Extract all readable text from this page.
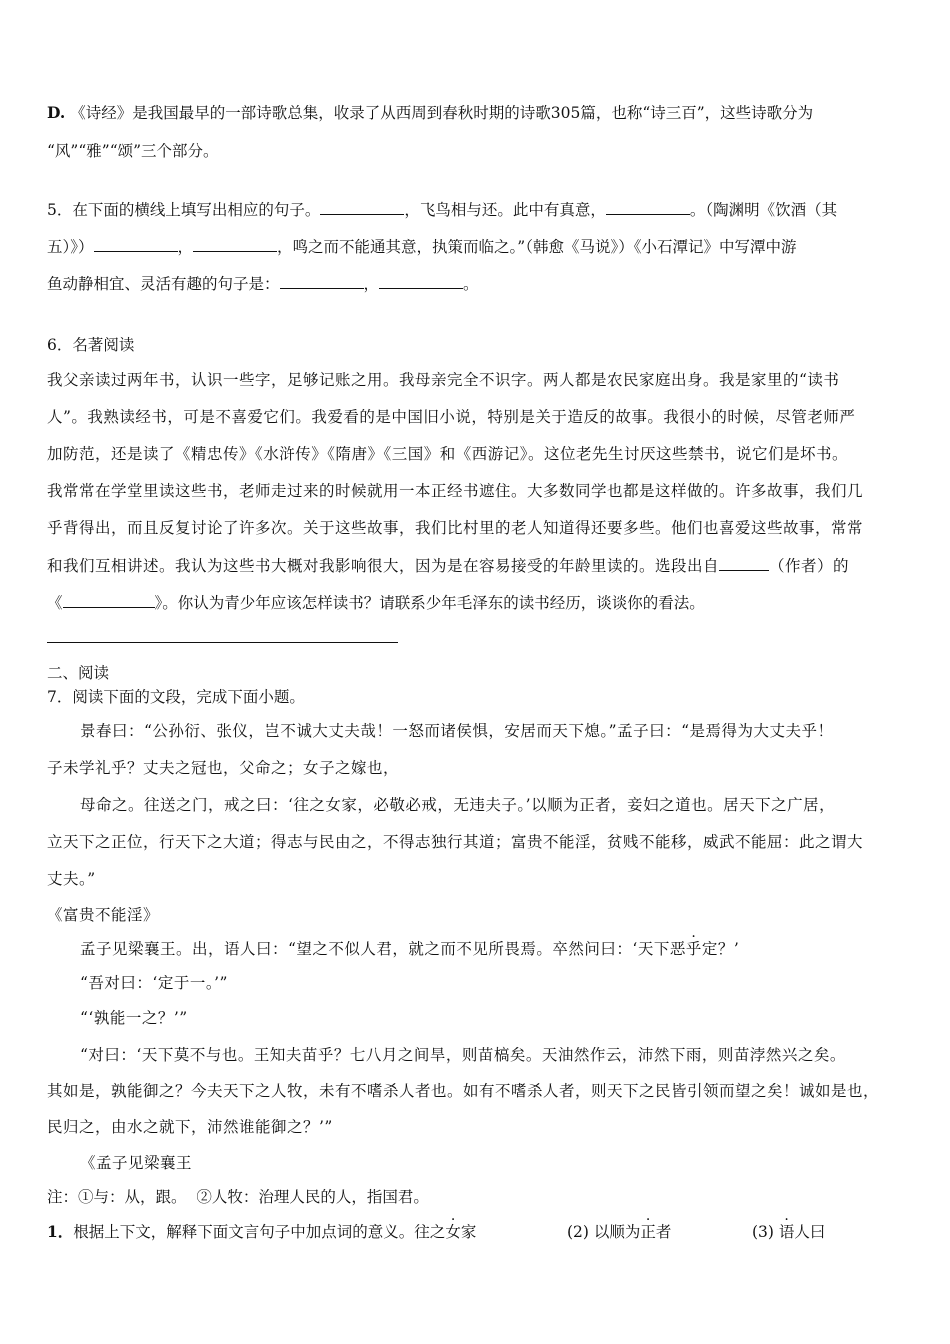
D. 《诗经》是我国最早的一部诗歌总集，收录了从西周到春秋时期的诗歌305篇，也称“诗三百”，这些诗歌分为
“风”“雅”“颂”三个部分。
5．在下面的横线上填写出相应的句子。	，飞鸟相与还。此中有真意，	。（陶渊明《饮酒（其
五）》）	，	，鸣之而不能通其意，执策而临之。”（韩愈《马说》）《小石潭记》中写潭中游
鱼动静相宜、灵活有趣的句子是：	，	。
6．名著阅读
我父亲读过两年书，认识一些字，足够记账之用。我母亲完全不识字。两人都是农民家庭出身。我是家里的“读书
人”。我熟读经书，可是不喜爱它们。我爱看的是中国旧小说，特别是关于造反的故事。我很小的时候，尽管老师严
加防范，还是读了《精忠传》《水浒传》《隋唐》《三国》和《西游记》。这位老先生讨厌这些禁书，说它们是坏书。
我常常在学堂里读这些书，老师走过来的时候就用一本正经书遮住。大多数同学也都是这样做的。许多故事，我们几
乎背得出，而且反复讨论了许多次。关于这些故事，我们比村里的老人知道得还要多些。他们也喜爱这些故事，常常
和我们互相讲述。我认为这些书大概对我影响很大，因为是在容易接受的年龄里读的。选段出自	（作者）的
《	》。你认为青少年应该怎样读书？请联系少年毛泽东的读书经历，谈谈你的看法。
二、阅读
7．阅读下面的文段，完成下面小题。
景春曰：“公孙衍、张仪，岂不诚大丈夫哉！一怒而诸侯惧，安居而天下熄。”孟子曰：“是焉得为大丈夫乎！
子未学礼乎？丈夫之冠也，父命之；女子之嫁也，
母命之。往送之门，戒之曰：‘往之女家，必敬必戒，无违夫子。’以顺为正者，妾妇之道也。居天下之广居，
立天下之正位，行天下之大道；得志与民由之，不得志独行其道；富贵不能淫，贫贱不能移，威武不能屈：此之谓大
丈夫。”
《富贵不能淫》
孟子见梁襄王。出，语人曰：“望之不似人君，就之而不见所畏焉。卒然问曰：‘天下恶乎定？’
“吾对曰：‘定于一。’”
“‘孰能一之？’”
“对曰：‘天下莫不与也。王知夫苗乎？七八月之间旱，则苗槁矣。天油然作云，沛然下雨，则苗浡然兴之矣。
其如是，孰能御之？今夫天下之人牧，未有不嗜杀人者也。如有不嗜杀人者，则天下之民皆引领而望之矣！诚如是也，
民归之，由水之就下，沛然谁能御之？’”
《孟子见梁襄王
注：①与：从，跟。  ②人牧：治理人民的人，指国君。
1．根据上下文，解释下面文言句子中加点词的意义。往之女家	(2) 以顺为正者	(3) 语人曰
